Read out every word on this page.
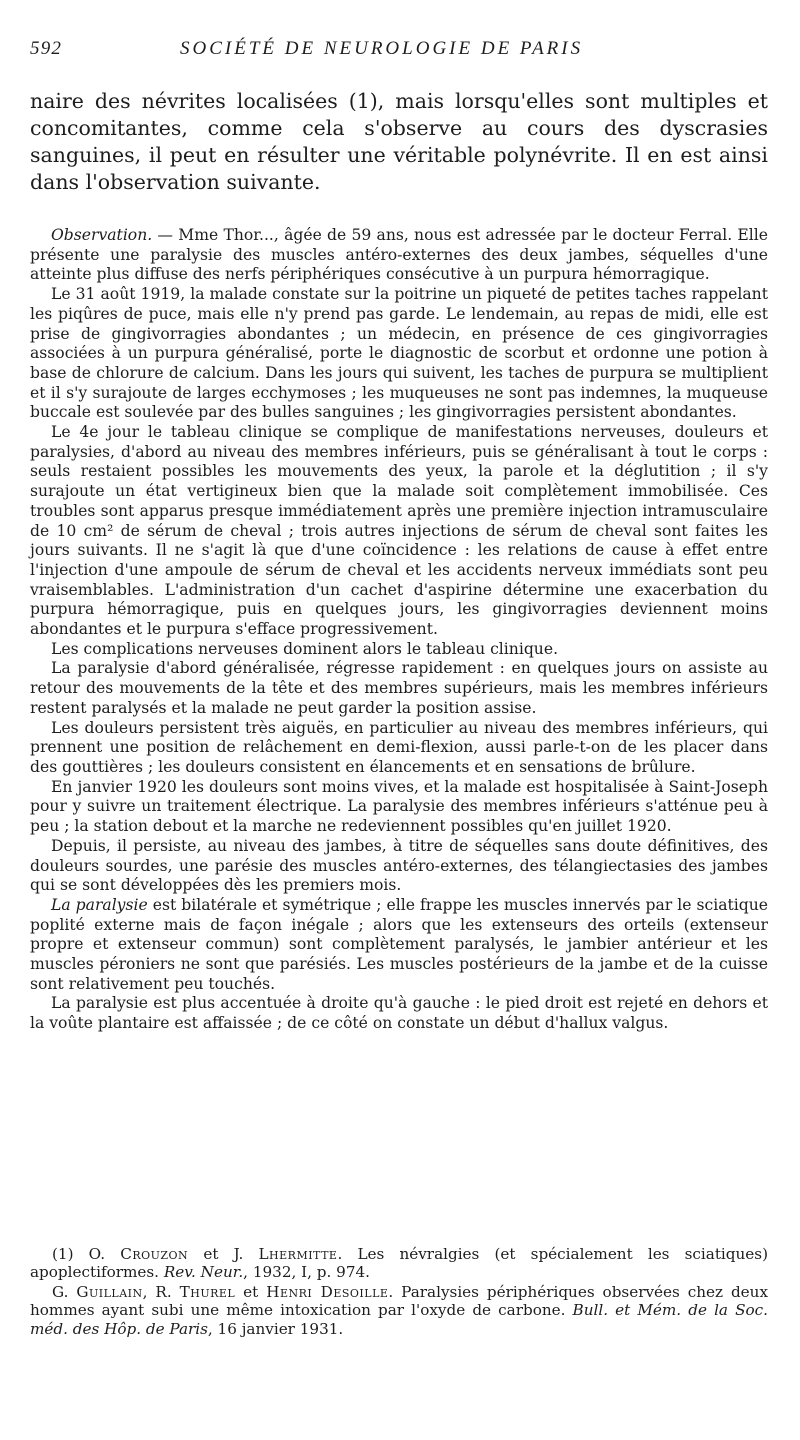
592	SOCIÉTÉ DE NEUROLOGIE DE PARIS

naire des névrites localisées (1), mais lorsqu'elles sont multiples et concomitantes, comme cela s'observe au cours des dyscrasies sanguines, il peut en résulter une véritable polynévrite. Il en est ainsi dans l'observation suivante.

Observation. — Mme Thor..., âgée de 59 ans, nous est adressée par le docteur Ferral. Elle présente une paralysie des muscles antéro-externes des deux jambes, séquelles d'une atteinte plus diffuse des nerfs périphériques consécutive à un purpura hémorragique.

Le 31 août 1919, la malade constate sur la poitrine un piqueté de petites taches rappelant les piqûres de puce, mais elle n'y prend pas garde. Le lendemain, au repas de midi, elle est prise de gingivorragies abondantes ; un médecin, en présence de ces gingivorragies associées à un purpura généralisé, porte le diagnostic de scorbut et ordonne une potion à base de chlorure de calcium. Dans les jours qui suivent, les taches de purpura se multiplient et il s'y surajoute de larges ecchymoses ; les muqueuses ne sont pas indemnes, la muqueuse buccale est soulevée par des bulles sanguines ; les gingivorragies persistent abondantes.

Le 4e jour le tableau clinique se complique de manifestations nerveuses, douleurs et paralysies, d'abord au niveau des membres inférieurs, puis se généralisant à tout le corps : seuls restaient possibles les mouvements des yeux, la parole et la déglutition ; il s'y surajoute un état vertigineux bien que la malade soit complètement immobilisée. Ces troubles sont apparus presque immédiatement après une première injection intramusculaire de 10 cm² de sérum de cheval ; trois autres injections de sérum de cheval sont faites les jours suivants. Il ne s'agit là que d'une coïncidence : les relations de cause à effet entre l'injection d'une ampoule de sérum de cheval et les accidents nerveux immédiats sont peu vraisemblables. L'administration d'un cachet d'aspirine détermine une exacerbation du purpura hémorragique, puis en quelques jours, les gingivorragies deviennent moins abondantes et le purpura s'efface progressivement.

Les complications nerveuses dominent alors le tableau clinique.

La paralysie d'abord généralisée, régresse rapidement : en quelques jours on assiste au retour des mouvements de la tête et des membres supérieurs, mais les membres inférieurs restent paralysés et la malade ne peut garder la position assise.

Les douleurs persistent très aiguës, en particulier au niveau des membres inférieurs, qui prennent une position de relâchement en demi-flexion, aussi parle-t-on de les placer dans des gouttières ; les douleurs consistent en élancements et en sensations de brûlure.

En janvier 1920 les douleurs sont moins vives, et la malade est hospitalisée à Saint-Joseph pour y suivre un traitement électrique. La paralysie des membres inférieurs s'atténue peu à peu ; la station debout et la marche ne redeviennent possibles qu'en juillet 1920.

Depuis, il persiste, au niveau des jambes, à titre de séquelles sans doute définitives, des douleurs sourdes, une parésie des muscles antéro-externes, des télangiectasies des jambes qui se sont développées dès les premiers mois.

La paralysie est bilatérale et symétrique ; elle frappe les muscles innervés par le sciatique poplité externe mais de façon inégale ; alors que les extenseurs des orteils (extenseur propre et extenseur commun) sont complètement paralysés, le jambier antérieur et les muscles péroniers ne sont que parésiés. Les muscles postérieurs de la jambe et de la cuisse sont relativement peu touchés.

La paralysie est plus accentuée à droite qu'à gauche : le pied droit est rejeté en dehors et la voûte plantaire est affaissée ; de ce côté on constate un début d'hallux valgus.

(1) O. Crouzon et J. Lhermitte. Les névralgies (et spécialement les sciatiques) apoplectiformes. Rev. Neur., 1932, I, p. 974.

G. Guillain, R. Thurel et Henri Desoille. Paralysies périphériques observées chez deux hommes ayant subi une même intoxication par l'oxyde de carbone. Bull. et Mém. de la Soc. méd. des Hôp. de Paris, 16 janvier 1931.
